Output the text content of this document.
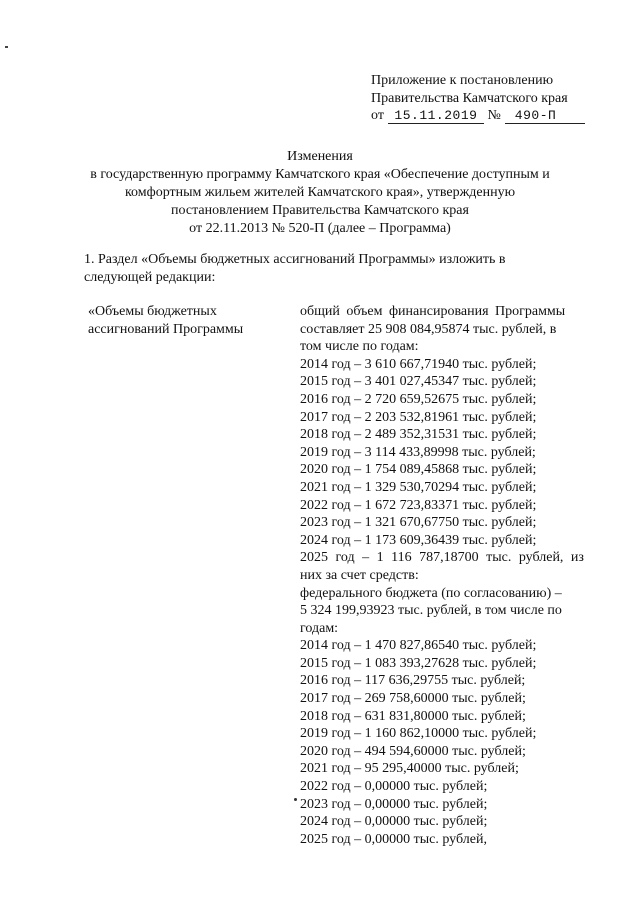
Приложение к постановлению
Правительства Камчатского края
от 15.11.2019 № 490-П
Изменения
в государственную программу Камчатского края «Обеспечение доступным и
комфортным жильем жителей Камчатского края», утвержденную
постановлением Правительства Камчатского края
от 22.11.2013 № 520-П (далее – Программа)
1. Раздел «Объемы бюджетных ассигнований Программы» изложить в
следующей редакции:
«Объемы бюджетных
ассигнований Программы
общий объем финансирования Программы
составляет 25 908 084,95874 тыс. рублей, в
том числе по годам:
2014 год – 3 610 667,71940 тыс. рублей;
2015 год – 3 401 027,45347 тыс. рублей;
2016 год – 2 720 659,52675 тыс. рублей;
2017 год – 2 203 532,81961 тыс. рублей;
2018 год – 2 489 352,31531 тыс. рублей;
2019 год – 3 114 433,89998 тыс. рублей;
2020 год – 1 754 089,45868 тыс. рублей;
2021 год – 1 329 530,70294 тыс. рублей;
2022 год – 1 672 723,83371 тыс. рублей;
2023 год – 1 321 670,67750 тыс. рублей;
2024 год – 1 173 609,36439 тыс. рублей;
2025 год – 1 116 787,18700 тыс. рублей, из
них за счет средств:
федерального бюджета (по согласованию) –
5 324 199,93923 тыс. рублей, в том числе по
годам:
2014 год – 1 470 827,86540 тыс. рублей;
2015 год – 1 083 393,27628 тыс. рублей;
2016 год – 117 636,29755 тыс. рублей;
2017 год – 269 758,60000 тыс. рублей;
2018 год – 631 831,80000 тыс. рублей;
2019 год – 1 160 862,10000 тыс. рублей;
2020 год – 494 594,60000 тыс. рублей;
2021 год – 95 295,40000 тыс. рублей;
2022 год – 0,00000 тыс. рублей;
2023 год – 0,00000 тыс. рублей;
2024 год – 0,00000 тыс. рублей;
2025 год – 0,00000 тыс. рублей,
